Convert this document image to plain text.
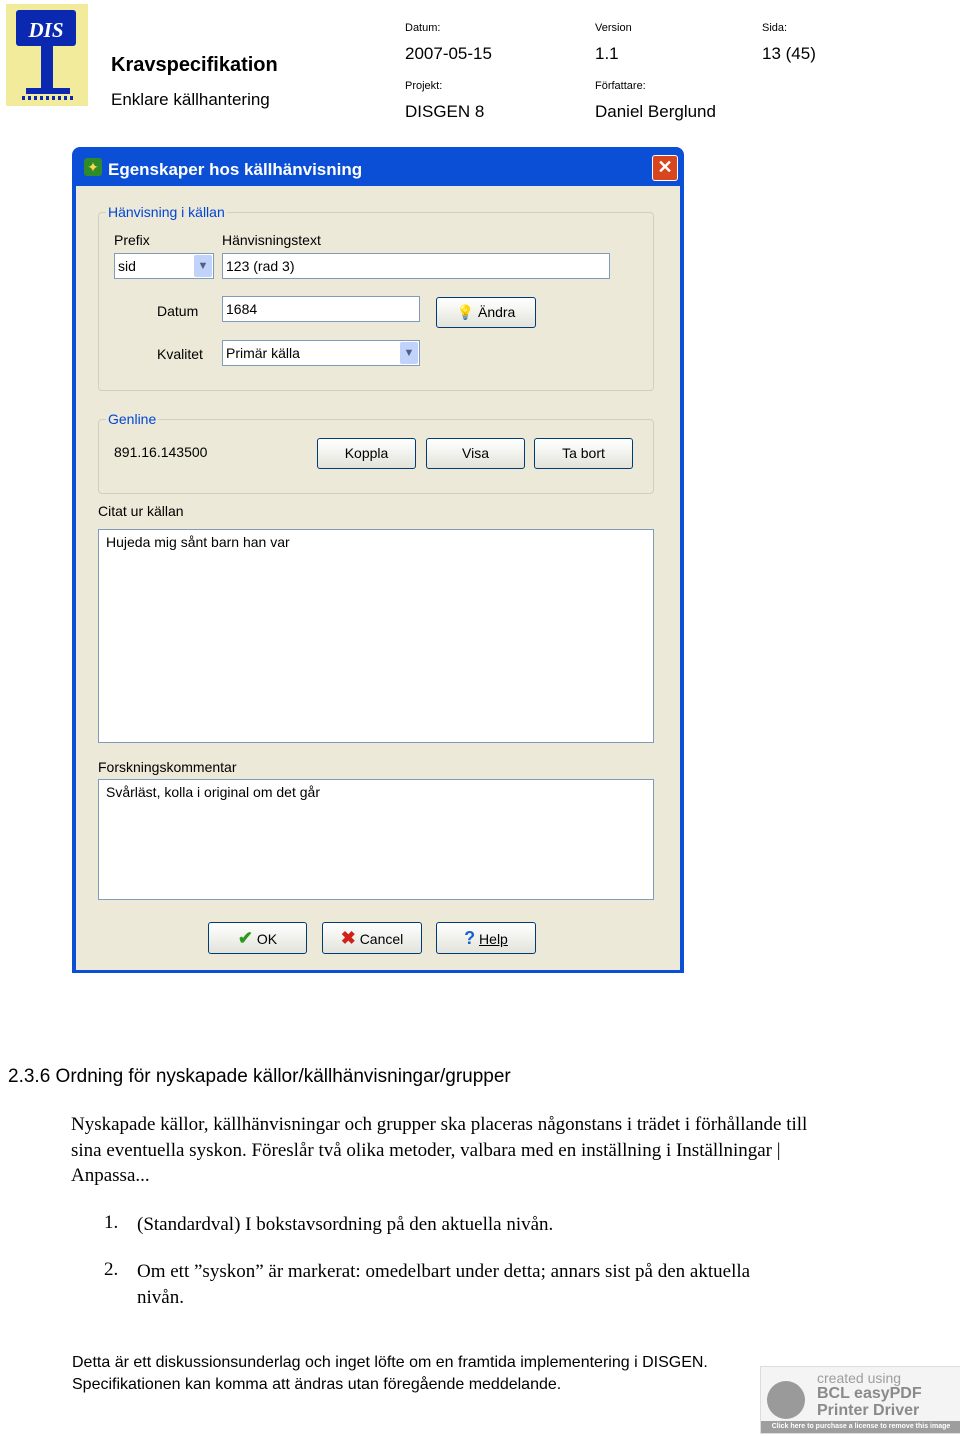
DIS
Kravspecifikation
Enklare källhantering
Datum:
2007-05-15
Version
1.1
Sida:
13 (45)
Projekt:
DISGEN 8
Författare:
Daniel Berglund
✦ Egenskaper hos källhänvisning	✕
Hänvisning i källan
Prefix
sid	▼
Hänvisningstext
123 (rad 3)
Datum 1684	💡 Ändra
Kvalitet Primär källa	▼
Genline
891.16.143500	Koppla	Visa	Ta bort
Citat ur källan
Hujeda mig sånt barn han var
Forskningskommentar
Svårläst, kolla i original om det går
✔ OK	✖ Cancel	? Help
2.3.6 Ordning för nyskapade källor/källhänvisningar/grupper
Nyskapade källor, källhänvisningar och grupper ska placeras någonstans i trädet i förhållande till sina eventuella syskon. Föreslår två olika metoder, valbara med en inställning i Inställningar | Anpassa...
1. (Standardval) I bokstavsordning på den aktuella nivån.
2. Om ett ”syskon” är markerat: omedelbart under detta; annars sist på den aktuella nivån.
Detta är ett diskussionsunderlag och inget löfte om en framtida implementering i DISGEN.
Specifikationen kan komma att ändras utan föregående meddelande.	created using
BCL easyPDF
Printer Driver
Click here to purchase a license to remove this image
